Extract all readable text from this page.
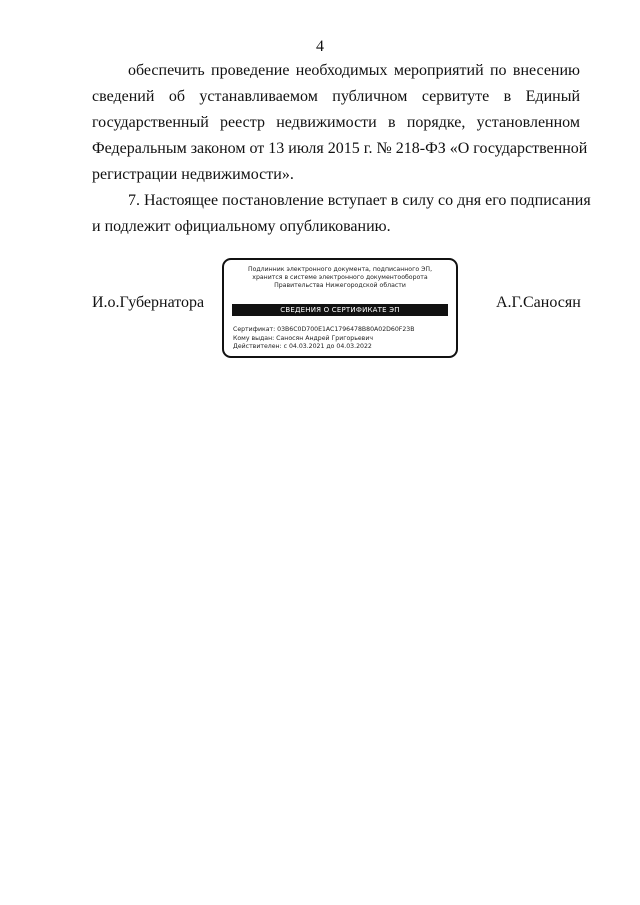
4
обеспечить проведение необходимых мероприятий по внесению
сведений об устанавливаемом публичном сервитуте в Единый
государственный реестр недвижимости в порядке, установленном
Федеральным законом от 13 июля 2015 г. № 218-ФЗ «О государственной
регистрации недвижимости».
7. Настоящее постановление вступает в силу со дня его подписания
и подлежит официальному опубликованию.
И.о.Губернатора
Подлинник электронного документа, подписанного ЭП,
хранится в системе электронного документооборота
Правительства Нижегородской области
СВЕДЕНИЯ О СЕРТИФИКАТЕ ЭП
Сертификат: 03B6C0D700E1AC1796478B80A02D60F23B
Кому выдан: Саносян Андрей Григорьевич
Действителен: с 04.03.2021 до 04.03.2022
А.Г.Саносян
